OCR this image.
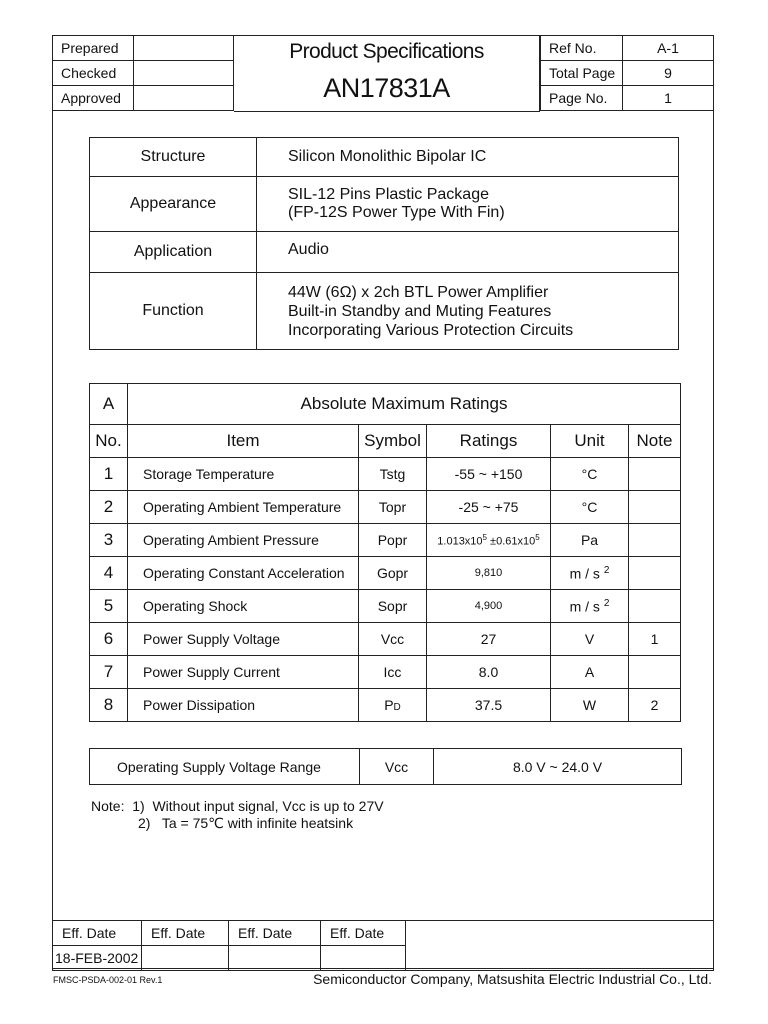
Prepared	
Checked	
Approved	
Product Specifications
AN17831A
Ref No.	A-1
Total Page	9
Page No.	1
Structure	Silicon Monolithic Bipolar IC

Appearance	SIL-12 Pins Plastic Package
(FP-12S Power Type With Fin)

Application	Audio

Function	44W (6Ω) x 2ch BTL Power Amplifier
Built-in Standby and Muting Features
Incorporating Various Protection Circuits
A	Absolute Maximum Ratings				
No.	Item	Symbol	Ratings	Unit	Note
1	Storage Temperature	Tstg	-55 ~ +150	°C	
2	Operating Ambient Temperature	Topr	-25 ~ +75	°C	
3	Operating Ambient Pressure	Popr	$1.013x10^5 \pm 0.61x10^5$	Pa	
4	Operating Constant Acceleration	Gopr	9,810	m / s $^2$	
5	Operating Shock	Sopr	4,900	m / s $^2$	
6	Power Supply Voltage	Vcc	27	V	1
7	Power Supply Current	Icc	8.0	A	
8	Power Dissipation	PD	37.5	W	2
Operating Supply Voltage Range	Vcc	8.0 V ~ 24.0 V
Note:  1)  Without input signal, Vcc is up to 27V
2)   Ta = 75℃ with infinite heatsink
Eff. Date	Eff. Date	Eff. Date	Eff. Date	
18-FEB-2002				
FMSC-PSDA-002-01 Rev.1	Semiconductor Company, Matsushita Electric Industrial Co., Ltd.
